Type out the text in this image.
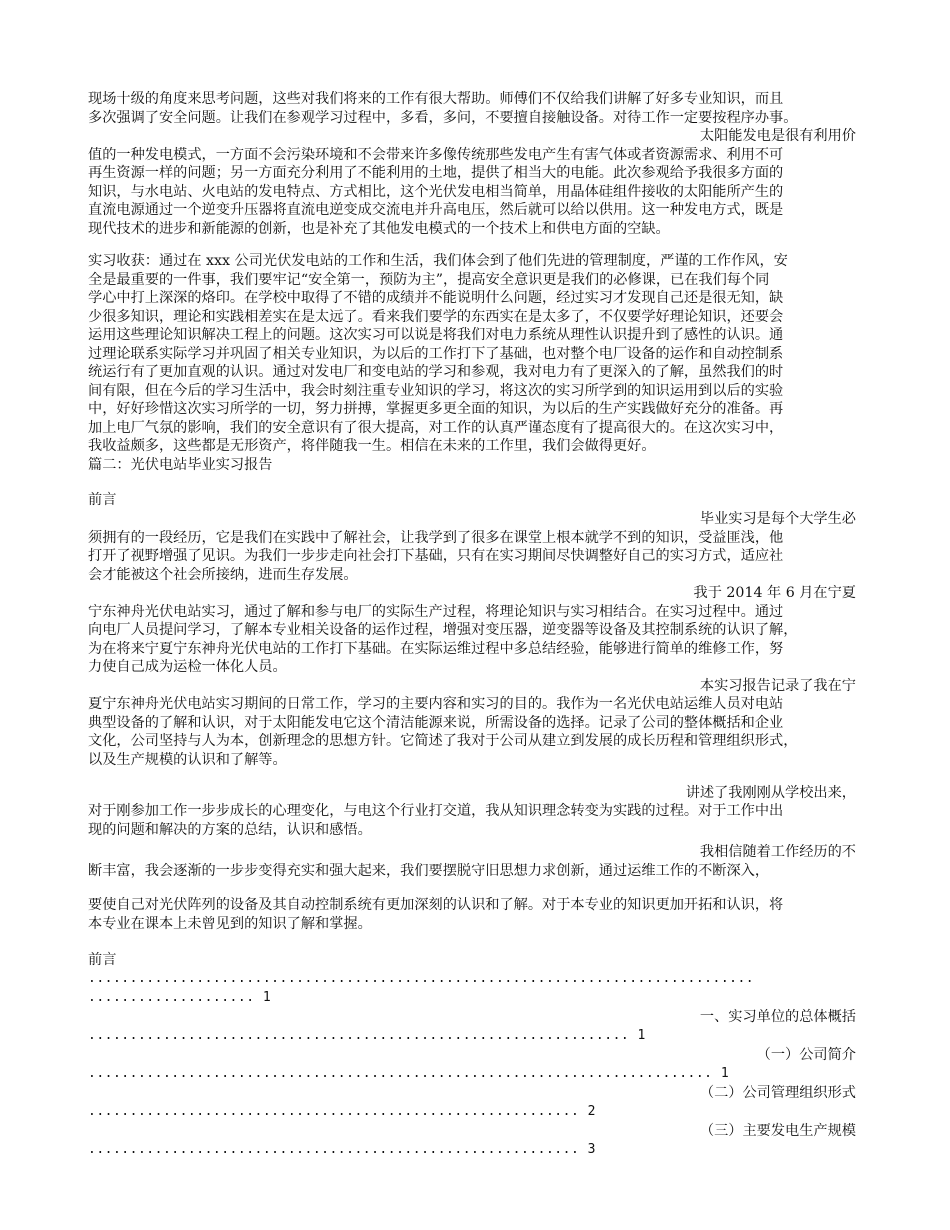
现场十级的角度来思考问题，这些对我们将来的工作有很大帮助。师傅们不仅给我们讲解了好多专业知识，而且
多次强调了安全问题。让我们在参观学习过程中，多看，多问，不要擅自接触设备。对待工作一定要按程序办事。
太阳能发电是很有利用价
值的一种发电模式，一方面不会污染环境和不会带来许多像传统那些发电产生有害气体或者资源需求、利用不可
再生资源一样的问题；另一方面充分利用了不能利用的土地，提供了相当大的电能。此次参观给予我很多方面的
知识，与水电站、火电站的发电特点、方式相比，这个光伏发电相当简单，用晶体硅组件接收的太阳能所产生的
直流电源通过一个逆变升压器将直流电逆变成交流电并升高电压，然后就可以给以供用。这一种发电方式，既是
现代技术的进步和新能源的创新，也是补充了其他发电模式的一个技术上和供电方面的空缺。
实习收获：通过在 xxx 公司光伏发电站的工作和生活，我们体会到了他们先进的管理制度，严谨的工作作风，安
全是最重要的一件事，我们要牢记“安全第一，预防为主”，提高安全意识更是我们的必修课，已在我们每个同
学心中打上深深的烙印。在学校中取得了不错的成绩并不能说明什么问题，经过实习才发现自己还是很无知，缺
少很多知识，理论和实践相差实在是太远了。看来我们要学的东西实在是太多了，不仅要学好理论知识，还要会
运用这些理论知识解决工程上的问题。这次实习可以说是将我们对电力系统从理性认识提升到了感性的认识。通
过理论联系实际学习并巩固了相关专业知识，为以后的工作打下了基础，也对整个电厂设备的运作和自动控制系
统运行有了更加直观的认识。通过对发电厂和变电站的学习和参观，我对电力有了更深入的了解，虽然我们的时
间有限，但在今后的学习生活中，我会时刻注重专业知识的学习，将这次的实习所学到的知识运用到以后的实验
中，好好珍惜这次实习所学的一切，努力拼搏，掌握更多更全面的知识，为以后的生产实践做好充分的准备。再
加上电厂气氛的影响，我们的安全意识有了很大提高，对工作的认真严谨态度有了提高很大的。在这次实习中，
我收益颇多，这些都是无形资产，将伴随我一生。相信在未来的工作里，我们会做得更好。
篇二：光伏电站毕业实习报告
前言
毕业实习是每个大学生必
须拥有的一段经历，它是我们在实践中了解社会，让我学到了很多在课堂上根本就学不到的知识，受益匪浅，他
打开了视野增强了见识。为我们一步步走向社会打下基础，只有在实习期间尽快调整好自己的实习方式，适应社
会才能被这个社会所接纳，进而生存发展。
我于 2014 年 6 月在宁夏
宁东神舟光伏电站实习，通过了解和参与电厂的实际生产过程，将理论知识与实习相结合。在实习过程中。通过
向电厂人员提问学习，了解本专业相关设备的运作过程，增强对变压器，逆变器等设备及其控制系统的认识了解，
为在将来宁夏宁东神舟光伏电站的工作打下基础。在实际运维过程中多总结经验，能够进行简单的维修工作，努
力使自己成为运检一体化人员。
本实习报告记录了我在宁
夏宁东神舟光伏电站实习期间的日常工作，学习的主要内容和实习的目的。我作为一名光伏电站运维人员对电站
典型设备的了解和认识，对于太阳能发电它这个清洁能源来说，所需设备的选择。记录了公司的整体概括和企业
文化，公司坚持与人为本，创新理念的思想方针。它简述了我对于公司从建立到发展的成长历程和管理组织形式，
以及生产规模的认识和了解等。
讲述了我刚刚从学校出来，
对于刚参加工作一步步成长的心理变化，与电这个行业打交道，我从知识理念转变为实践的过程。对于工作中出
现的问题和解决的方案的总结，认识和感悟。
我相信随着工作经历的不
断丰富，我会逐渐的一步步变得充实和强大起来，我们要摆脱守旧思想力求创新，通过运维工作的不断深入，
要使自己对光伏阵列的设备及其自动控制系统有更加深刻的认识和了解。对于本专业的知识更加开拓和认识，将
本专业在课本上未曾见到的知识了解和掌握。
前言
................................................................................
.................... 1
一、实习单位的总体概括
................................................................. 1
（一）公司简介
........................................................................... 1
（二）公司管理组织形式
........................................................... 2
（三）主要发电生产规模
........................................................... 3
